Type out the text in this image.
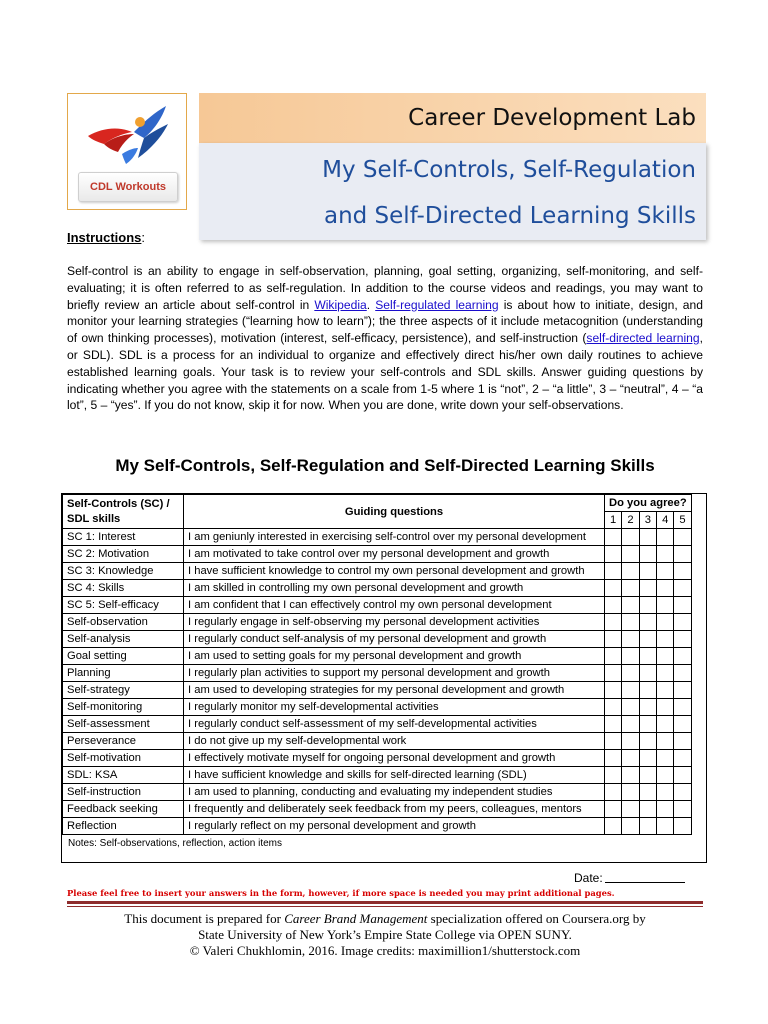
CDL Workouts
Career Development Lab
My Self-Controls, Self-Regulation
and Self-Directed Learning Skills
Instructions:
Self-control is an ability to engage in self-observation, planning, goal setting, organizing, self-monitoring, and self-evaluating; it is often referred to as self-regulation. In addition to the course videos and readings, you may want to briefly review an article about self-control in Wikipedia. Self-regulated learning is about how to initiate, design, and monitor your learning strategies (“learning how to learn”); the three aspects of it include metacognition (understanding of own thinking processes), motivation (interest, self-efficacy, persistence), and self-instruction (self-directed learning, or SDL). SDL is a process for an individual to organize and effectively direct his/her own daily routines to achieve established learning goals. Your task is to review your self-controls and SDL skills. Answer guiding questions by indicating whether you agree with the statements on a scale from 1-5 where 1 is “not”, 2 – “a little”, 3 – “neutral”, 4 – “a lot”, 5 – “yes”. If you do not know, skip it for now. When you are done, write down your self-observations.
My Self-Controls, Self-Regulation and Self-Directed Learning Skills
Self-Controls (SC) /
SDL skills	Guiding questions	Do you agree?				
		1	2	3	4	5
SC 1: Interest	I am geniunly interested in exercising self-control over my personal development					
SC 2: Motivation	I am motivated to take control over my personal development and growth					
SC 3: Knowledge	I have sufficient knowledge to control my own personal development and growth					
SC 4: Skills	I am skilled in controlling my own personal development and growth					
SC 5: Self-efficacy	I am confident that I can effectively control my own personal development					
Self-observation	I regularly engage in self-observing my personal development activities					
Self-analysis	I regularly conduct self-analysis of my personal development and growth					
Goal setting	I am used to setting goals for my personal development and growth					
Planning	I regularly plan activities to support my personal development and growth					
Self-strategy	I am used to developing strategies for my personal development and growth					
Self-monitoring	I regularly monitor my self-developmental activities					
Self-assessment	I regularly conduct self-assessment of my self-developmental activities					
Perseverance	I do not give up my self-developmental work					
Self-motivation	I effectively motivate myself for ongoing personal development and growth					
SDL: KSA	I have sufficient knowledge and skills for self-directed learning (SDL)					
Self-instruction	I am used to planning, conducting and evaluating my independent studies					
Feedback seeking	I frequently and deliberately seek feedback from my peers, colleagues, mentors					
Reflection	I regularly reflect on my personal development and growth					
Notes: Self-observations, reflection, action items
Date:
Please feel free to insert your answers in the form, however, if more space is needed you may print additional pages.
This document is prepared for Career Brand Management specialization offered on Coursera.org by
State University of New York’s Empire State College via OPEN SUNY.
© Valeri Chukhlomin, 2016. Image credits: maximillion1/shutterstock.com
